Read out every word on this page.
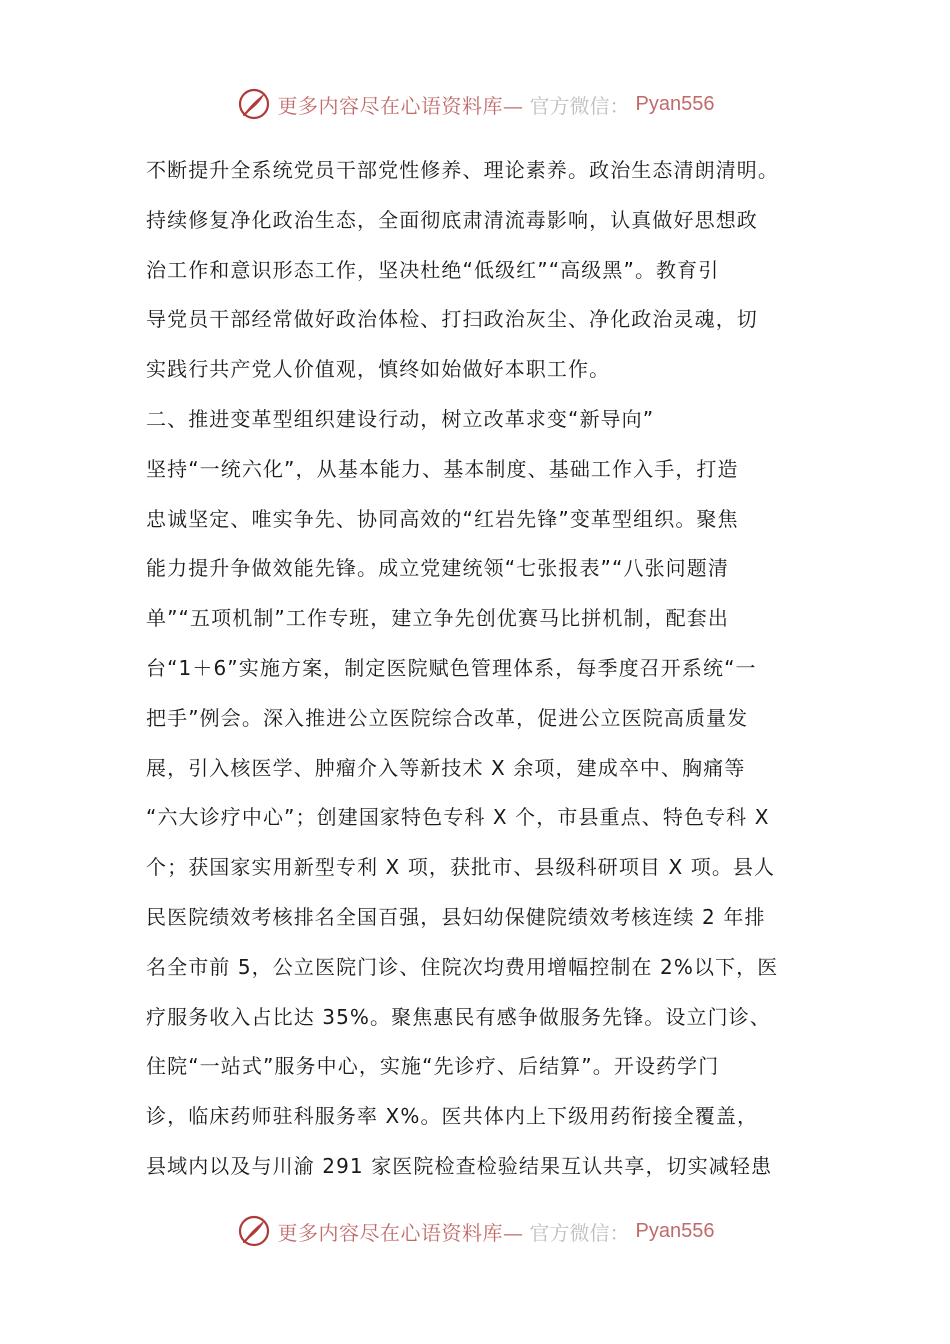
更多内容尽在心语资料库— 官方微信： Pyan556
不断提升全系统党员干部党性修养、理论素养。政治生态清朗清明。
持续修复净化政治生态，全面彻底肃清流毒影响，认真做好思想政
治工作和意识形态工作，坚决杜绝“低级红”“高级黑”。教育引
导党员干部经常做好政治体检、打扫政治灰尘、净化政治灵魂，切
实践行共产党人价值观，慎终如始做好本职工作。
二、推进变革型组织建设行动，树立改革求变“新导向”
坚持“一统六化”，从基本能力、基本制度、基础工作入手，打造
忠诚坚定、唯实争先、协同高效的“红岩先锋”变革型组织。聚焦
能力提升争做效能先锋。成立党建统领“七张报表”“八张问题清
单”“五项机制”工作专班，建立争先创优赛马比拼机制，配套出
台“1＋6”实施方案，制定医院赋色管理体系，每季度召开系统“一
把手”例会。深入推进公立医院综合改革，促进公立医院高质量发
展，引入核医学、肿瘤介入等新技术 X 余项，建成卒中、胸痛等
“六大诊疗中心”；创建国家特色专科 X 个，市县重点、特色专科 X
个；获国家实用新型专利 X 项，获批市、县级科研项目 X 项。县人
民医院绩效考核排名全国百强，县妇幼保健院绩效考核连续 2 年排
名全市前 5，公立医院门诊、住院次均费用增幅控制在 2%以下，医
疗服务收入占比达 35%。聚焦惠民有感争做服务先锋。设立门诊、
住院“一站式”服务中心，实施“先诊疗、后结算”。开设药学门
诊，临床药师驻科服务率 X%。医共体内上下级用药衔接全覆盖，
县域内以及与川渝 291 家医院检查检验结果互认共享，切实减轻患
更多内容尽在心语资料库— 官方微信： Pyan556
